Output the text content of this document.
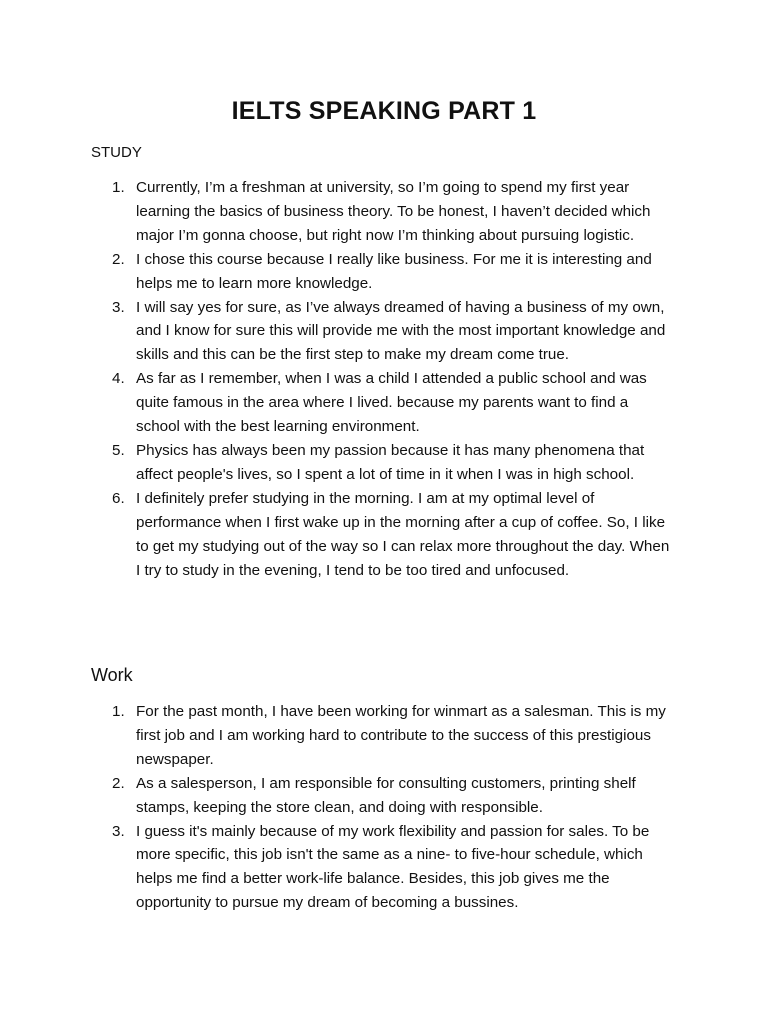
IELTS SPEAKING PART 1
STUDY
1. Currently, I’m a freshman at university, so I’m going to spend my first year learning the basics of business theory. To be honest, I haven’t decided which major I’m gonna choose, but right now I’m thinking about pursuing logistic.
2. I chose this course because I really like business. For me it is interesting and helps me to learn more knowledge.
3. I will say yes for sure, as I’ve always dreamed of having a business of my own, and I know for sure this will provide me with the most important knowledge and skills and this can be the first step to make my dream come true.
4. As far as I remember, when I was a child I attended a public school and was quite famous in the area where I lived. because my parents want to find a school with the best learning environment.
5. Physics has always been my passion because it has many phenomena that affect people's lives, so I spent a lot of time in it when I was in high school.
6. I definitely prefer studying in the morning. I am at my optimal level of performance when I first wake up in the morning after a cup of coffee. So, I like to get my studying out of the way so I can relax more throughout the day. When I try to study in the evening, I tend to be too tired and unfocused.
Work
1. For the past month, I have been working for winmart as a salesman. This is my first job and I am working hard to contribute to the success of this prestigious newspaper.
2. As a salesperson, I am responsible for consulting customers, printing shelf stamps, keeping the store clean, and doing with responsible.
3. I guess it's mainly because of my work flexibility and passion for sales. To be more specific, this job isn't the same as a nine- to five-hour schedule, which helps me find a better work-life balance. Besides, this job gives me the opportunity to pursue my dream of becoming a bussines.
